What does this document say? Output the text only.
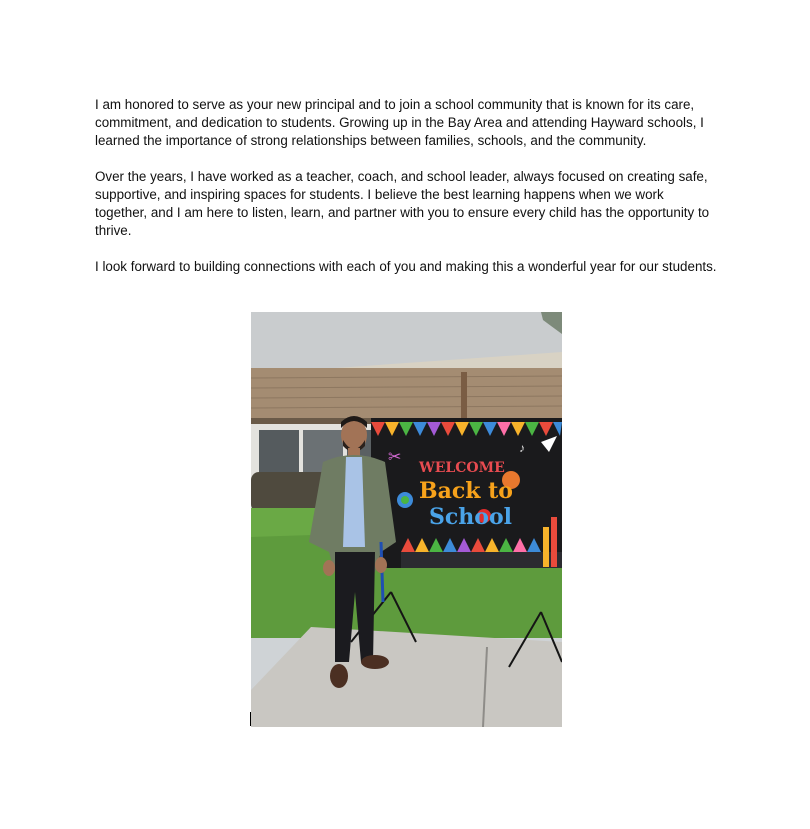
I am honored to serve as your new principal and to join a school community that is known for its care, commitment, and dedication to students. Growing up in the Bay Area and attending Hayward schools, I learned the importance of strong relationships between families, schools, and the community.

Over the years, I have worked as a teacher, coach, and school leader, always focused on creating safe, supportive, and inspiring spaces for students. I believe the best learning happens when we work together, and I am here to listen, learn, and partner with you to ensure every child has the opportunity to thrive.

I look forward to building connections with each of you and making this a wonderful year for our students.

✂
♪
WELCOME
Back to
School
